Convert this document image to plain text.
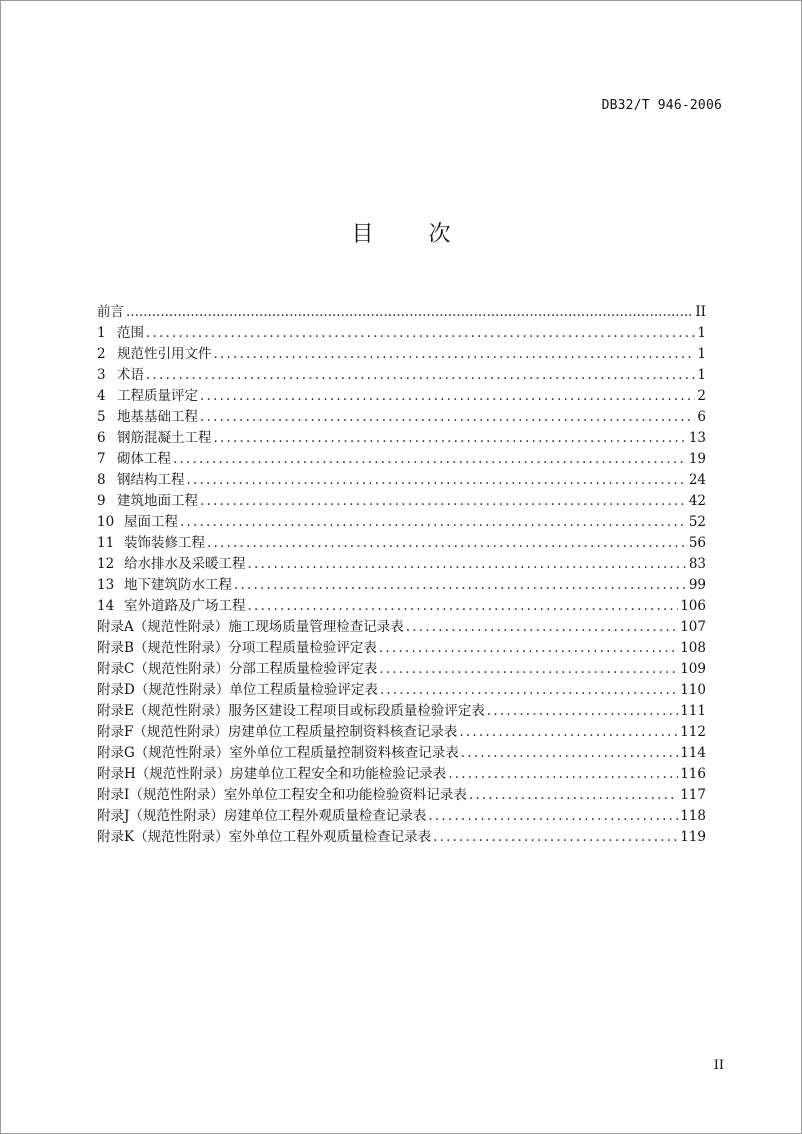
DB32/T 946-2006
目 次
前言 .....	II
1 范围 .....	1
2 规范性引用文件 .....	1
3 术语 .....	1
4 工程质量评定 .....	2
5 地基基础工程 .....	6
6 钢筋混凝土工程 .....	13
7 砌体工程 .....	19
8 钢结构工程 .....	24
9 建筑地面工程 .....	42
10 屋面工程 .....	52
11 装饰装修工程 .....	56
12 给水排水及采暖工程 .....	83
13 地下建筑防水工程 .....	99
14 室外道路及广场工程 .....	106
附录A（规范性附录）施工现场质量管理检查记录表 .....	107
附录B（规范性附录）分项工程质量检验评定表 .....	108
附录C（规范性附录）分部工程质量检验评定表 .....	109
附录D（规范性附录）单位工程质量检验评定表 .....	110
附录E（规范性附录）服务区建设工程项目或标段质量检验评定表 .....	111
附录F（规范性附录）房建单位工程质量控制资料核查记录表 .....	112
附录G（规范性附录）室外单位工程质量控制资料核查记录表 .....	114
附录H（规范性附录）房建单位工程安全和功能检验记录表 .....	116
附录I（规范性附录）室外单位工程安全和功能检验资料记录表 .....	117
附录J（规范性附录）房建单位工程外观质量检查记录表 .....	118
附录K（规范性附录）室外单位工程外观质量检查记录表 .....	119
II
